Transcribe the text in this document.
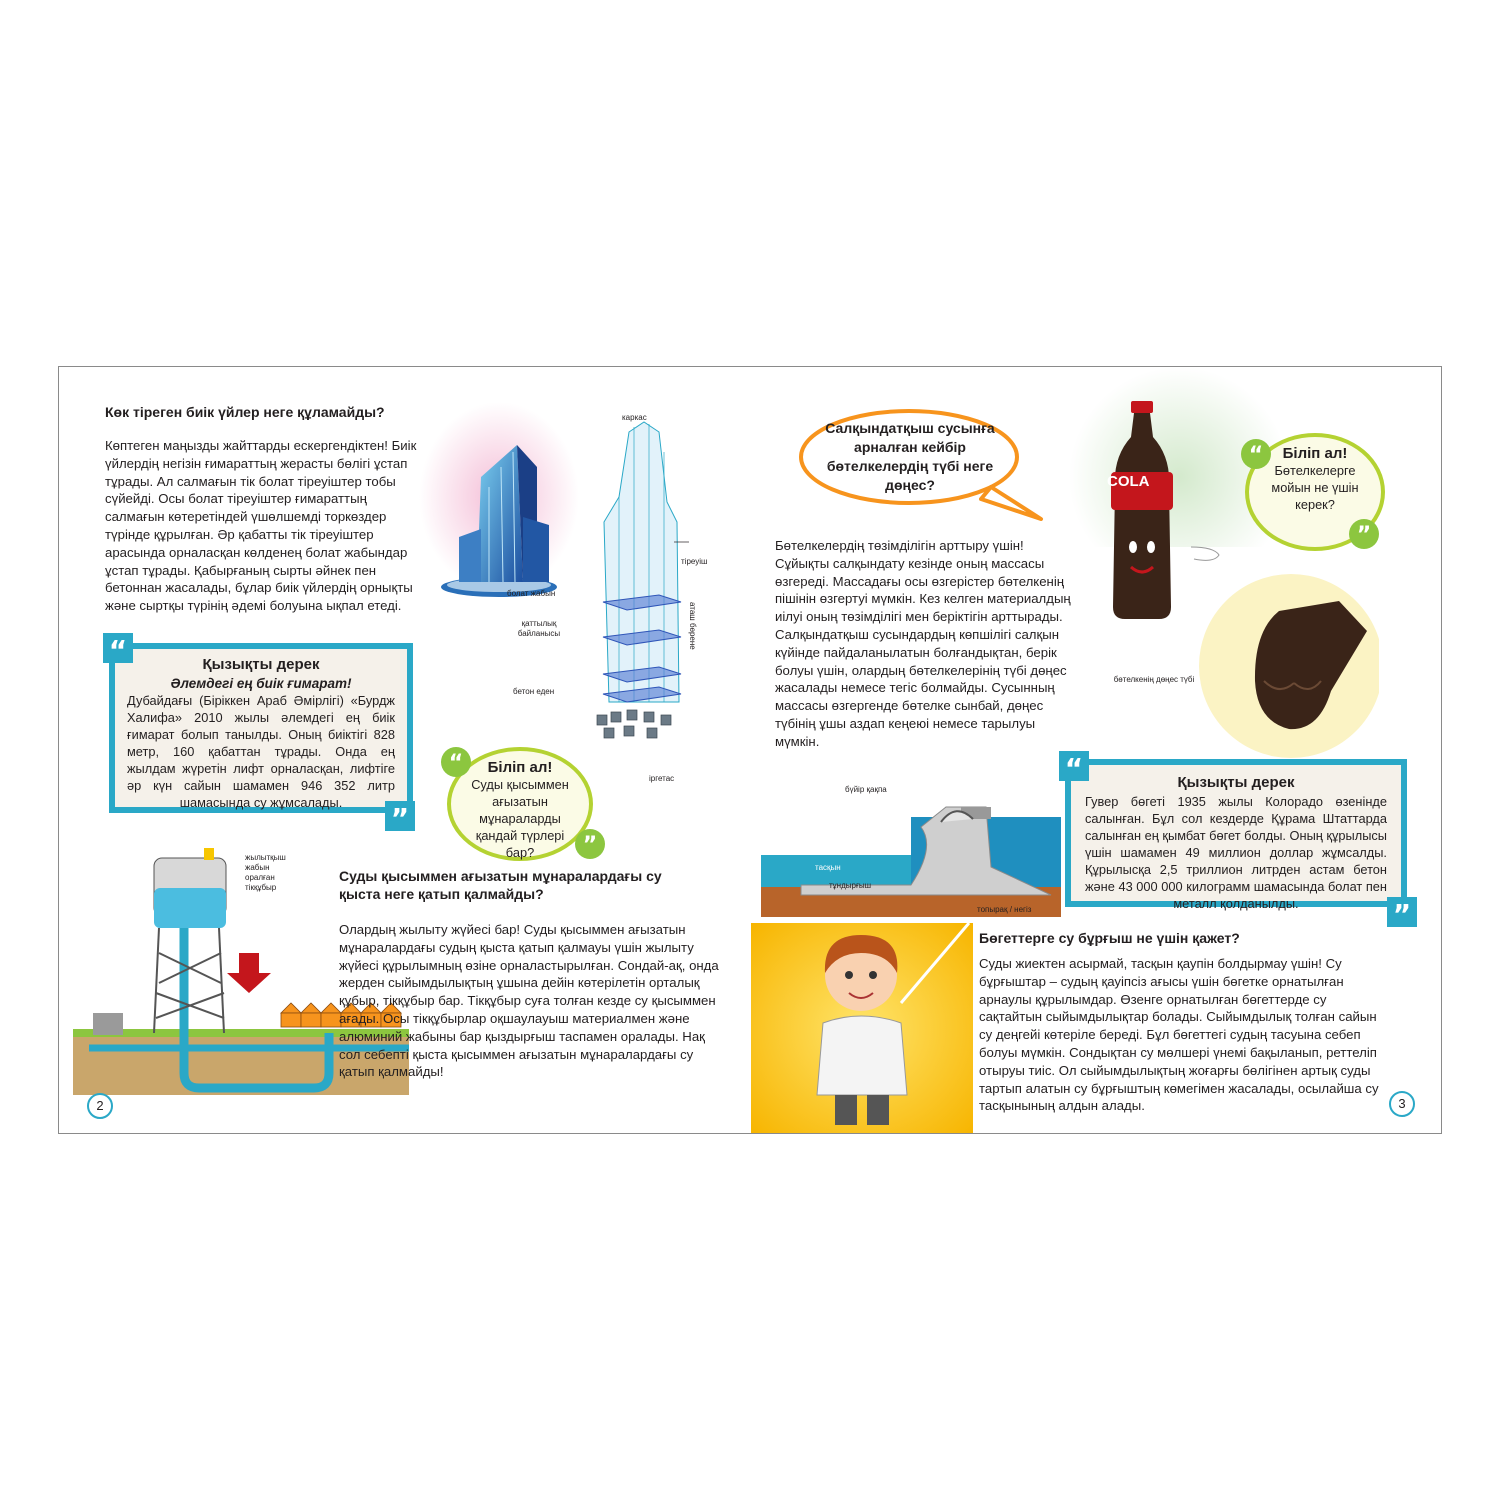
Көк тіреген биік үйлер неге құламайды?

Көптеген маңызды жайттарды ескергендіктен! Биік үйлердің негізін ғимараттың жерасты бөлігі ұстап тұрады. Ал салмағын тік болат тіреуіштер тобы сүйейді. Осы болат тіреуіштер ғимараттың салмағын көтеретіндей үшөлшемді торкөздер түрінде құрылған. Әр қабатты тік тіреуіштер арасында орналасқан көлденең болат жабындар ұстап тұрады. Қабырғаның сырты әйнек пен бетоннан жасалады, бұлар биік үйлердің орнықты және сыртқы түрінің әдемі болуына ықпал етеді.

каркас
тіреуіш
болат жабын
аташ бөрене
қаттылық байланысы
бетон еден
іргетас

Қызықты дерек

Әлемдегі ең биік ғимарат!

Дубайдағы (Біріккен Араб Әмірлігі) «Бурдж Халифа» 2010 жылы әлемдегі ең биік ғимарат болып танылды. Оның биіктігі 828 метр, 160 қабаттан тұрады. Онда ең жылдам жүретін лифт орналасқан, лифтіге әр күн сайын шамамен 946 352 литр шамасында су жұмсалады.

“
”

Біліп ал!

Суды қысыммен ағызатын мұнараларды қандай түрлері бар?

“
”
жылытқыш жабын оралған тікқұбыр

Суды қысыммен ағызатын мұнаралардағы су қыста неге қатып қалмайды?

Олардың жылыту жүйесі бар! Суды қысыммен ағызатын мұнаралардағы судың қыста қатып қалмауы үшін жылыту жүйесі құрылымның өзіне орналастырылған. Сондай-ақ, онда жерден сыйымдылықтың ұшына дейін көтерілетін орталық құбыр, тікқұбыр бар. Тікқұбыр суға толған кезде су қысыммен ағады. Осы тікқұбырлар оқшаулауыш материалмен және алюминий жабыны бар қыздырғыш таспамен оралады. Нақ сол себепті қыста қысыммен ағызатын мұнаралардағы су қатып қалмайды!

2

Салқындатқыш сусынға арналған кейбір бөтелкелердің түбі неге дөңес?	COLA

Біліп ал!

Бөтелкелерге мойын не үшін керек?

“
”
бөтелкенің дөңес түбі

Бөтелкелердің төзімділігін арттыру үшін! Сұйықты салқындату кезінде оның массасы өзгереді. Массадағы осы өзгерістер бөтелкенің пішінін өзгертуі мүмкін. Кез келген материалдың иілуі оның төзімділігі мен беріктігін арттырады. Салқындатқыш сусындардың көпшілігі салқын күйінде пайдаланылатын болғандықтан, берік болуы үшін, олардың бөтелкелерінің түбі дөңес жасалады немесе тегіс болмайды. Сусынның массасы өзгергенде бөтелке сынбай, дөңес түбінің ұшы аздап кеңеюі немесе тарылуы мүмкін.

бүйір қақпа
тасқын
тұндырғыш
топырақ / негіз

Қызықты дерек

Гувер бөгеті 1935 жылы Колорадо өзенінде салынған. Бұл сол кездерде Құрама Штаттарда салынған ең қымбат бөгет болды. Оның құрылысы үшін шамамен 49 миллион доллар жұмсалды. Құрылысқа 2,5 триллион литрден астам бетон және 43 000 000 килограмм шамасында болат пен металл қолданылды.

“
”

Бөгеттерге су бұрғыш не үшін қажет?

Суды жиектен асырмай, тасқын қаупін болдырмау үшін! Су бұрғыштар – судың қауіпсіз ағысы үшін бөгетке орнатылған арнаулы құрылымдар. Өзенге орнатылған бөгеттерде су сақтайтын сыйымдылықтар болады. Сыйымдылық толған сайын су деңгейі көтеріле береді. Бұл бөгеттегі судың тасуына себеп болуы мүмкін. Сондықтан су мөлшері үнемі бақыланып, реттеліп отыруы тиіс. Ол сыйымдылықтың жоғарғы бөлігінен артық суды тартып алатын су бұрғыштың көмегімен жасалады, осылайша су тасқынының алдын алады.	3
